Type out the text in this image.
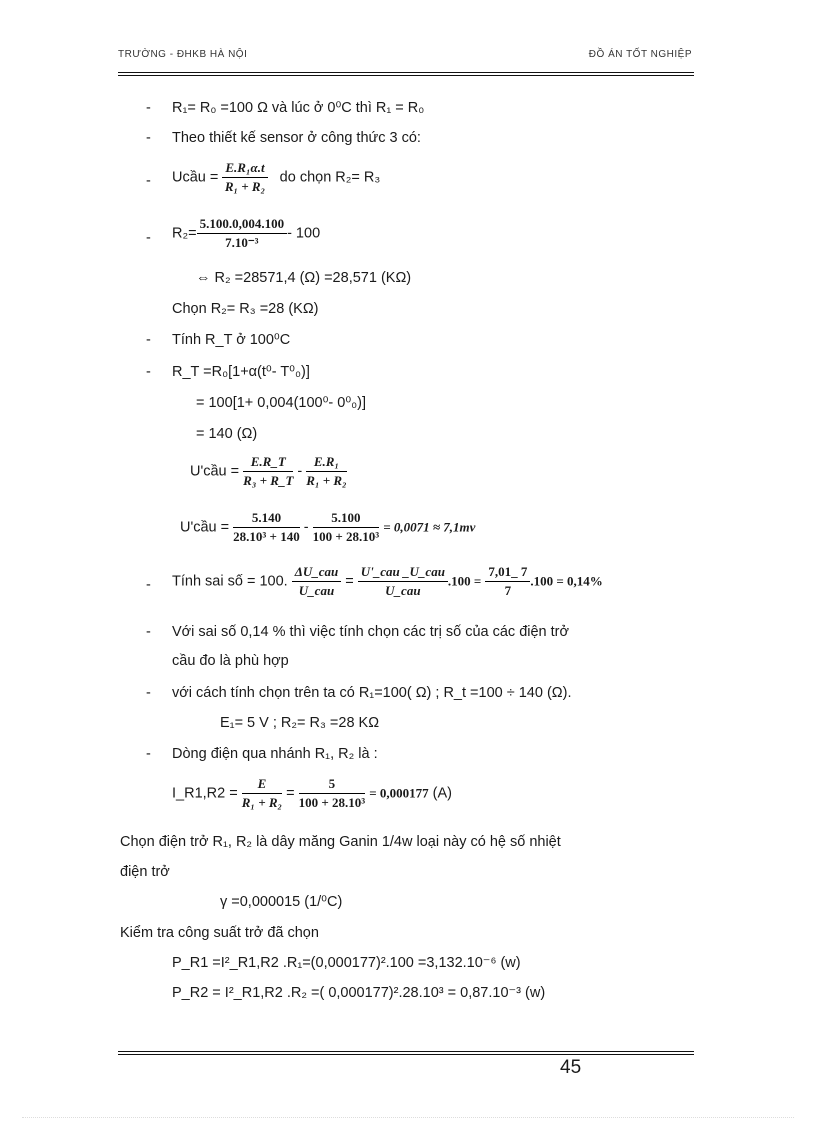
TRƯỜNG - ĐHKB HÀ NỘI	ĐỒ ÁN TỐT NGHIỆP
- R₁= R₀ =100 Ω và lúc ở 0⁰C thì R₁ = R₀
- Theo thiết kế sensor ở công thức 3 có:
- Ucầu = $\frac{\text{E.R₁α.t}}{\text{R₁ + R₂}}$ do chọn R₂= R₃
- $R_2= \frac{5.100.0,004.100}{\text{7.10⁻³}} - 100$
⇔ R₂ =28571,4 (Ω) =28,571 (KΩ)
Chọn R₂= R₃ =28 (KΩ)
- Tính R_T ở 100⁰C
- R_T =R₀[1+α(t⁰- T⁰₀)]
= 100[1+ 0,004(100⁰- 0⁰₀)]
= 140 (Ω)
U'cầu = $\frac{E.R\_T}{\text{R₃ + R\_T}} - \frac{\text{E.R₁}}{\text{R₁ + R₂}}$
U'cầu = $\frac{5.140}{\text{28.10³ + 140}} - \frac{5.100}{\text{100 + 28.10³}} = 0,0071 \approx 7,1mv$
- Tính sai số = 100. $\frac{\text{ΔU\_cau}}{\text{U\_cau}} = \frac{\text{U'\_cau \_U\_cau}}{\text{U\_cau}} .100 = \frac{7,01\_ 7}{7} .100 = 0,14\%$
- Với sai số 0,14 % thì việc tính chọn các trị số của các điện trở
cầu đo là phù hợp
- với cách tính chọn trên ta có R₁=100( Ω) ; R_t =100 ÷ 140 (Ω).
E₁= 5 V ; R₂= R₃ =28 KΩ
- Dòng điện qua nhánh R₁, R₂ là :
I_R1,R2 = $\frac{E}{\text{R₁ + R₂}} = \frac{5}{\text{100 + 28.10³}} = 0,000177$ (A)
Chọn điện trở R₁, R₂ là dây măng Ganin 1/4w loại này có hệ số nhiệt
điện trở
γ =0,000015 (1/⁰C)
Kiểm tra công suất trở đã chọn
P_R1 =I²_R1,R2 .R₁=(0,000177)².100 =3,132.10⁻⁶ (w)
P_R2 = I²_R1,R2 .R₂ =( 0,000177)².28.10³ = 0,87.10⁻³ (w)
45
